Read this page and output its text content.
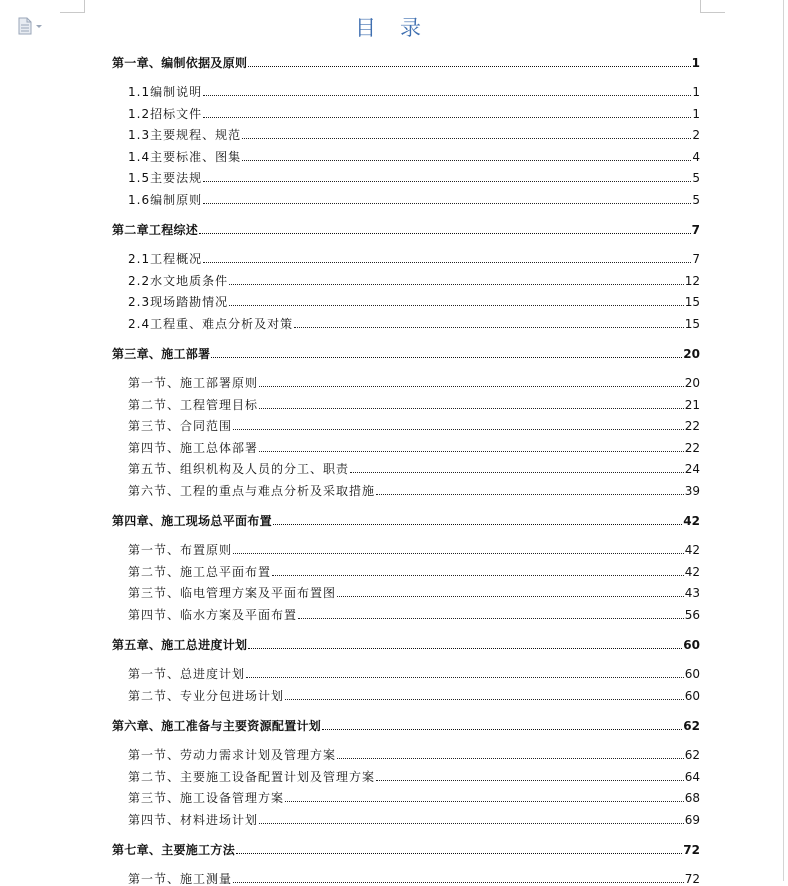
目录
第一章、编制依据及原则	1
1.1编制说明	1
1.2招标文件	1
1.3主要规程、规范	2
1.4主要标准、图集	4
1.5主要法规	5
1.6编制原则	5
第二章工程综述	7
2.1工程概况	7
2.2水文地质条件	12
2.3现场踏勘情况	15
2.4工程重、难点分析及对策	15
第三章、施工部署	20
第一节、施工部署原则	20
第二节、工程管理目标	21
第三节、合同范围	22
第四节、施工总体部署	22
第五节、组织机构及人员的分工、职责	24
第六节、工程的重点与难点分析及采取措施	39
第四章、施工现场总平面布置	42
第一节、布置原则	42
第二节、施工总平面布置	42
第三节、临电管理方案及平面布置图	43
第四节、临水方案及平面布置	56
第五章、施工总进度计划	60
第一节、总进度计划	60
第二节、专业分包进场计划	60
第六章、施工准备与主要资源配置计划	62
第一节、劳动力需求计划及管理方案	62
第二节、主要施工设备配置计划及管理方案	64
第三节、施工设备管理方案	68
第四节、材料进场计划	69
第七章、主要施工方法	72
第一节、施工测量	72
